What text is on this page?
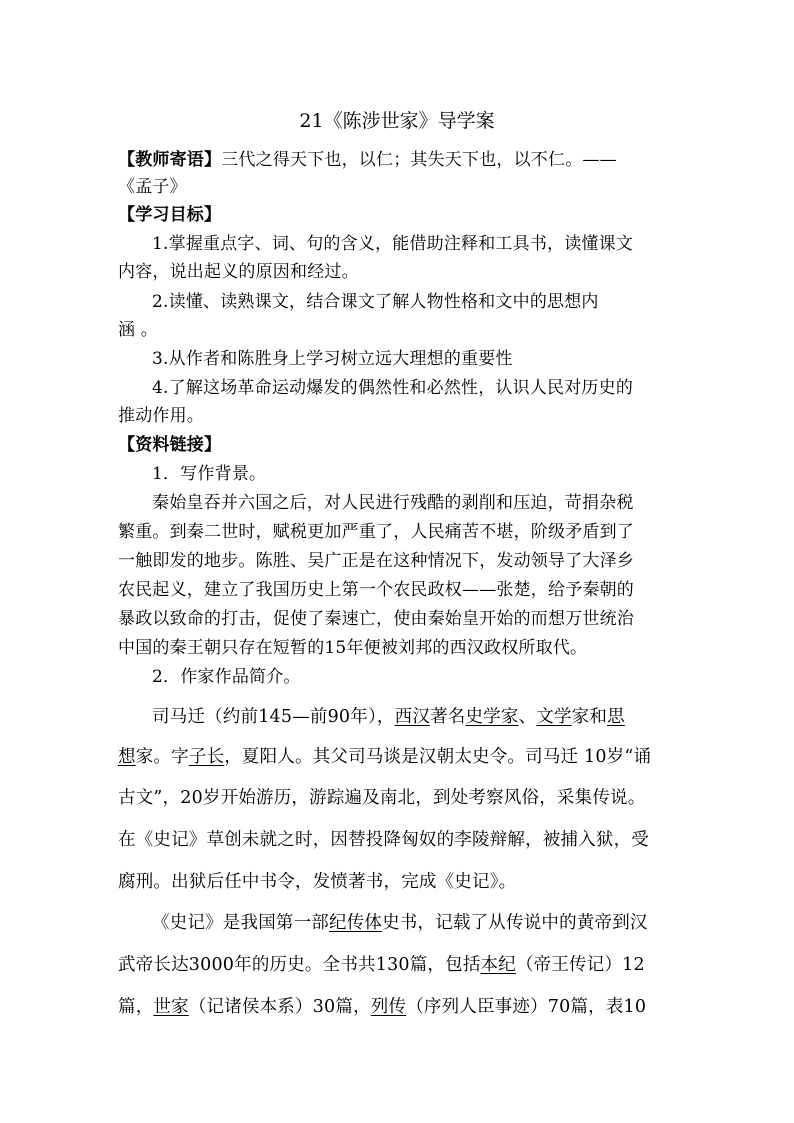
21《陈涉世家》导学案
【教师寄语】三代之得天下也，以仁；其失天下也，以不仁。——
《孟子》
【学习目标】
1.掌握重点字、词、句的含义，能借助注释和工具书，读懂课文
内容，说出起义的原因和经过。
2.读懂、读熟课文，结合课文了解人物性格和文中的思想内
涵 。
3.从作者和陈胜身上学习树立远大理想的重要性
4.了解这场革命运动爆发的偶然性和必然性，认识人民对历史的
推动作用。
【资料链接】
1．写作背景。
秦始皇吞并六国之后，对人民进行残酷的剥削和压迫，苛捐杂税
繁重。到秦二世时，赋税更加严重了，人民痛苦不堪，阶级矛盾到了
一触即发的地步。陈胜、吴广正是在这种情况下，发动领导了大泽乡
农民起义，建立了我国历史上第一个农民政权——张楚，给予秦朝的
暴政以致命的打击，促使了秦速亡，使由秦始皇开始的而想万世统治
中国的秦王朝只存在短暂的15年便被刘邦的西汉政权所取代。
2．作家作品简介。
司马迁（约前145—前90年），西汉著名史学家、文学家和思
想家。字子长，夏阳人。其父司马谈是汉朝太史令。司马迁 10岁“诵
古文”，20岁开始游历，游踪遍及南北，到处考察风俗，采集传说。
在《史记》草创未就之时，因替投降匈奴的李陵辩解，被捕入狱，受
腐刑。出狱后任中书令，发愤著书，完成《史记》。
《史记》是我国第一部纪传体史书，记载了从传说中的黄帝到汉
武帝长达3000年的历史。全书共130篇，包括本纪（帝王传记）12
篇，世家（记诸侯本系）30篇，列传（序列人臣事迹）70篇，表10
